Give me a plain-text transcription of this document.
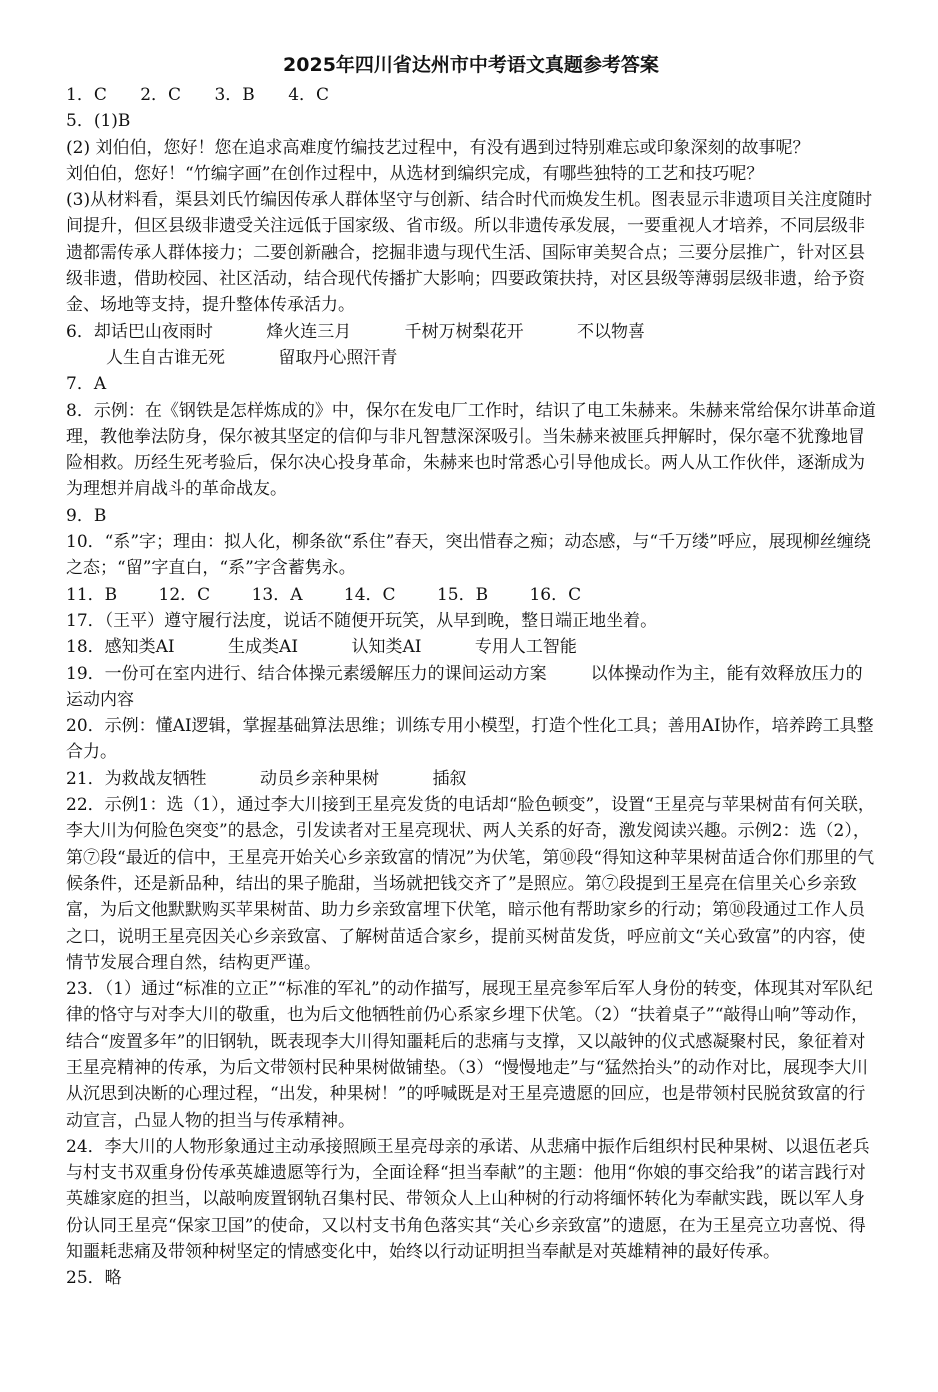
2025年四川省达州市中考语文真题参考答案

1．C 2．C 3．B 4．C

5．(1)B

(2) 刘伯伯，您好！您在追求高难度竹编技艺过程中，有没有遇到过特别难忘或印象深刻的故事呢？刘伯伯，您好！“竹编字画”在创作过程中，从选材到编织完成，有哪些独特的工艺和技巧呢？

(3)从材料看，渠县刘氏竹编因传承人群体坚守与创新、结合时代而焕发生机。图表显示非遗项目关注度随时间提升，但区县级非遗受关注远低于国家级、省市级。所以非遗传承发展，一要重视人才培养，不同层级非遗都需传承人群体接力；二要创新融合，挖掘非遗与现代生活、国际审美契合点；三要分层推广，针对区县级非遗，借助校园、社区活动，结合现代传播扩大影响；四要政策扶持，对区县级等薄弱层级非遗，给予资金、场地等支持，提升整体传承活力。

6．却话巴山夜雨时	烽火连三月	千树万树梨花开	不以物喜

人生自古谁无死	留取丹心照汗青

7．A

8．示例：在《钢铁是怎样炼成的》中，保尔在发电厂工作时，结识了电工朱赫来。朱赫来常给保尔讲革命道理，教他拳法防身，保尔被其坚定的信仰与非凡智慧深深吸引。当朱赫来被匪兵押解时，保尔毫不犹豫地冒险相救。历经生死考验后，保尔决心投身革命，朱赫来也时常悉心引导他成长。两人从工作伙伴，逐渐成为为理想并肩战斗的革命战友。

9．B

10．“系”字；理由：拟人化，柳条欲“系住”春天，突出惜春之痴；动态感，与“千万缕”呼应，展现柳丝缠绕之态；“留”字直白，“系”字含蓄隽永。

11．B 12．C 13．A 14．C 15．B 16．C

17．（王平）遵守履行法度，说话不随便开玩笑，从早到晚，整日端正地坐着。

18．感知类AI	生成类AI	认知类AI	专用人工智能

19．一份可在室内进行、结合体操元素缓解压力的课间运动方案	以体操动作为主，能有效释放压力的运动内容

20．示例：懂AI逻辑，掌握基础算法思维；训练专用小模型，打造个性化工具；善用AI协作，培养跨工具整合力。

21．为救战友牺牲	动员乡亲种果树	插叙

22．示例1：选（1），通过李大川接到王星亮发货的电话却“脸色顿变”，设置“王星亮与苹果树苗有何关联，李大川为何脸色突变”的悬念，引发读者对王星亮现状、两人关系的好奇，激发阅读兴趣。示例2：选（2），第⑦段“最近的信中，王星亮开始关心乡亲致富的情况”为伏笔，第⑩段“得知这种苹果树苗适合你们那里的气候条件，还是新品种，结出的果子脆甜，当场就把钱交齐了”是照应。第⑦段提到王星亮在信里关心乡亲致富，为后文他默默购买苹果树苗、助力乡亲致富埋下伏笔，暗示他有帮助家乡的行动；第⑩段通过工作人员之口，说明王星亮因关心乡亲致富、了解树苗适合家乡，提前买树苗发货，呼应前文“关心致富”的内容，使情节发展合理自然，结构更严谨。

23．（1）通过“标准的立正”“标准的军礼”的动作描写，展现王星亮参军后军人身份的转变，体现其对军队纪律的恪守与对李大川的敬重，也为后文他牺牲前仍心系家乡埋下伏笔。（2）“扶着桌子”“敲得山响”等动作，结合“废置多年”的旧钢轨，既表现李大川得知噩耗后的悲痛与支撑，又以敲钟的仪式感凝聚村民，象征着对王星亮精神的传承，为后文带领村民种果树做铺垫。（3）“慢慢地走”与“猛然抬头”的动作对比，展现李大川从沉思到决断的心理过程，“出发，种果树！”的呼喊既是对王星亮遗愿的回应，也是带领村民脱贫致富的行动宣言，凸显人物的担当与传承精神。

24．李大川的人物形象通过主动承接照顾王星亮母亲的承诺、从悲痛中振作后组织村民种果树、以退伍老兵与村支书双重身份传承英雄遗愿等行为，全面诠释“担当奉献”的主题：他用“你娘的事交给我”的诺言践行对英雄家庭的担当，以敲响废置钢轨召集村民、带领众人上山种树的行动将缅怀转化为奉献实践，既以军人身份认同王星亮“保家卫国”的使命，又以村支书角色落实其“关心乡亲致富”的遗愿，在为王星亮立功喜悦、得知噩耗悲痛及带领种树坚定的情感变化中，始终以行动证明担当奉献是对英雄精神的最好传承。

25．略
